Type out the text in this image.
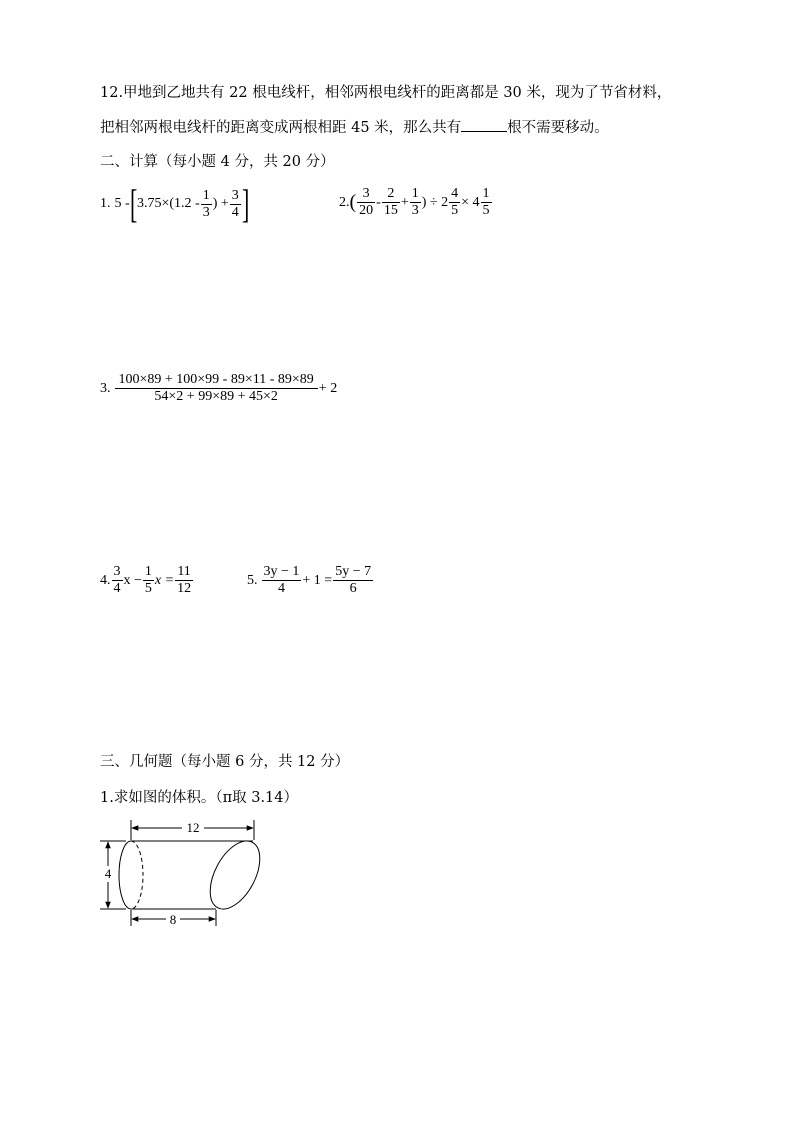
12.甲地到乙地共有 22 根电线杆，相邻两根电线杆的距离都是 30 米，现为了节省材料，
把相邻两根电线杆的距离变成两根相距 45 米，那么共有	根不需要移动。
二、计算（每小题 4 分，共 20 分）
1. 5 - [ $3.75\times(1.2 - \frac{1}{3}$ ) + $\frac{3}{4}$ ]	2. ( $\frac{3}{20} - \frac{2}{15} + \frac{1}{3}$ ) ÷ $2 \frac{4}{5} \times 4 \frac{1}{5}$
3. $\frac{100\times 89 + 100\times 99 - 89\times 11 - 89\times 89}{54\times 2 + 99\times 89 + 45\times 2} + 2$
4. $\frac{3}{4}$ $x - \frac{1}{5}$ $x = \frac{11}{12}$	5. $\frac{3y - 1}{4} + 1 = \frac{5y - 7}{6}$
三、几何题（每小题 6 分，共 12 分）
1.求如图的体积。（π取 3.14）
12
4
8
